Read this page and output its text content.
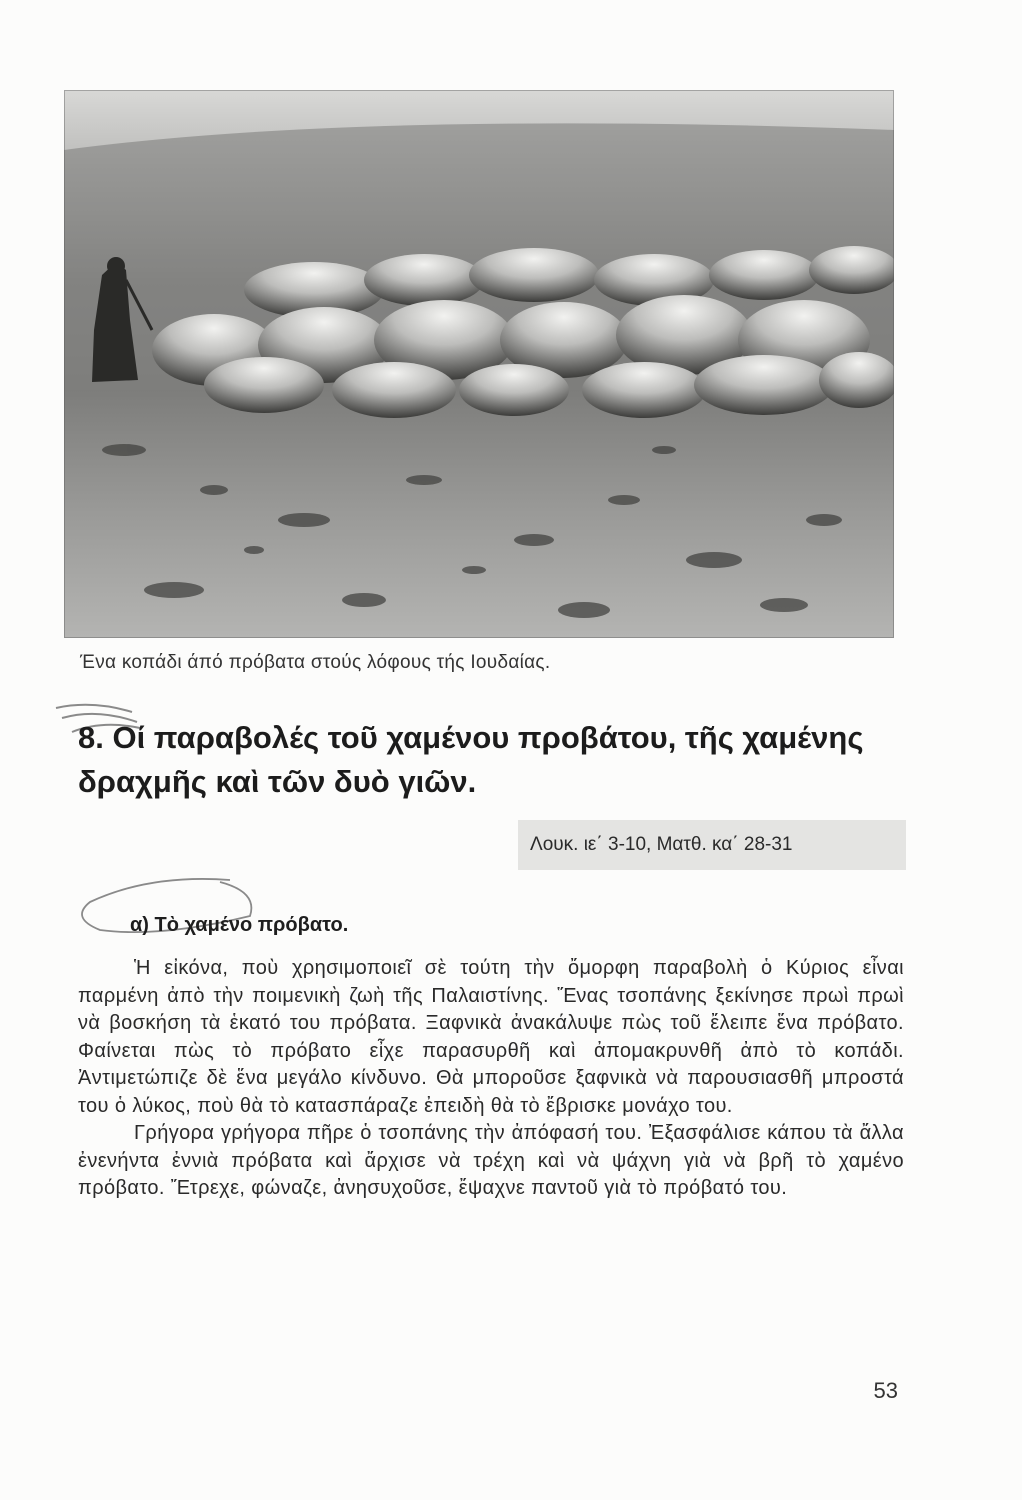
Ένα κοπάδι άπό πρόβατα στούς λόφους τής Ιουδαίας.
8. Οί παραβολές τοῦ χαμένου προβάτου, τῆς χαμένης δραχμῆς καὶ τῶν δυὸ γιῶν.
Λουκ. ιε΄ 3-10, Ματθ. κα΄ 28-31
α) Τὸ χαμένο πρόβατο.

Ἡ εἰκόνα, ποὺ χρησιμοποιεῖ σὲ τούτη τὴν ὄμορφη παραβολὴ ὁ Κύριος εἶναι παρμένη ἀπὸ τὴν ποιμενικὴ ζωὴ τῆς Παλαιστίνης. Ἕνας τσοπάνης ξεκίνησε πρωὶ πρωὶ νὰ βοσκήση τὰ ἑκατό του πρόβατα. Ξαφνικὰ ἀνακάλυψε πὼς τοῦ ἔλειπε ἕνα πρόβατο. Φαίνεται πὼς τὸ πρόβατο εἶχε παρασυρθῆ καὶ ἀπομακρυνθῆ ἀπὸ τὸ κοπάδι. Ἀντιμετώπιζε δὲ ἕνα μεγάλο κίνδυνο. Θὰ μποροῦσε ξαφνικὰ νὰ παρουσιασθῆ μπροστά του ὁ λύκος, ποὺ θὰ τὸ κατασπάραζε ἐπειδὴ θὰ τὸ ἔβρισκε μονάχο του.

Γρήγορα γρήγορα πῆρε ὁ τσοπάνης τὴν ἀπόφασή του. Ἐξασφάλισε κάπου τὰ ἄλλα ἐνενήντα ἐννιὰ πρόβατα καὶ ἄρχισε νὰ τρέχη καὶ νὰ ψάχνη γιὰ νὰ βρῆ τὸ χαμένο πρόβατο. Ἔτρεχε, φώναζε, ἀνησυχοῦσε, ἔψαχνε παντοῦ γιὰ τὸ πρόβατό του.

53
